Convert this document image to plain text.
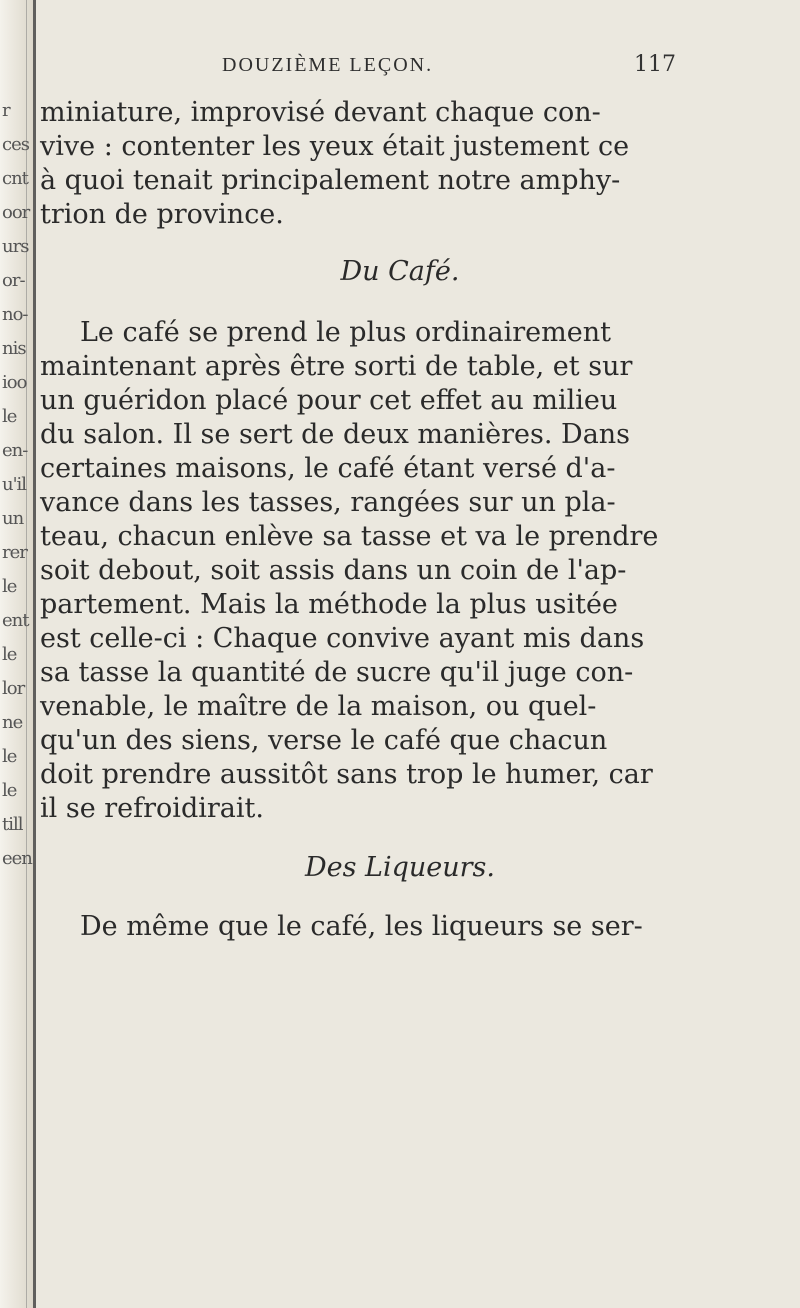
r
ces
cnt
oor
urs
or-
no-
nis
ioo
le
en-
u'il
un
rer
le
ent
le
lor
ne
le
le
till
een
DOUZIÈME LEÇON.	117
miniature, improvisé devant chaque con-
vive : contenter les yeux était justement ce
à quoi tenait principalement notre amphy-
trion de province.
Du Café.
Le café se prend le plus ordinairement
maintenant après être sorti de table, et sur
un guéridon placé pour cet effet au milieu
du salon. Il se sert de deux manières. Dans
certaines maisons, le café étant versé d'a-
vance dans les tasses, rangées sur un pla-
teau, chacun enlève sa tasse et va le prendre
soit debout, soit assis dans un coin de l'ap-
partement. Mais la méthode la plus usitée
est celle-ci : Chaque convive ayant mis dans
sa tasse la quantité de sucre qu'il juge con-
venable, le maître de la maison, ou quel-
qu'un des siens, verse le café que chacun
doit prendre aussitôt sans trop le humer, car
il se refroidirait.
Des Liqueurs.
De même que le café, les liqueurs se ser-
